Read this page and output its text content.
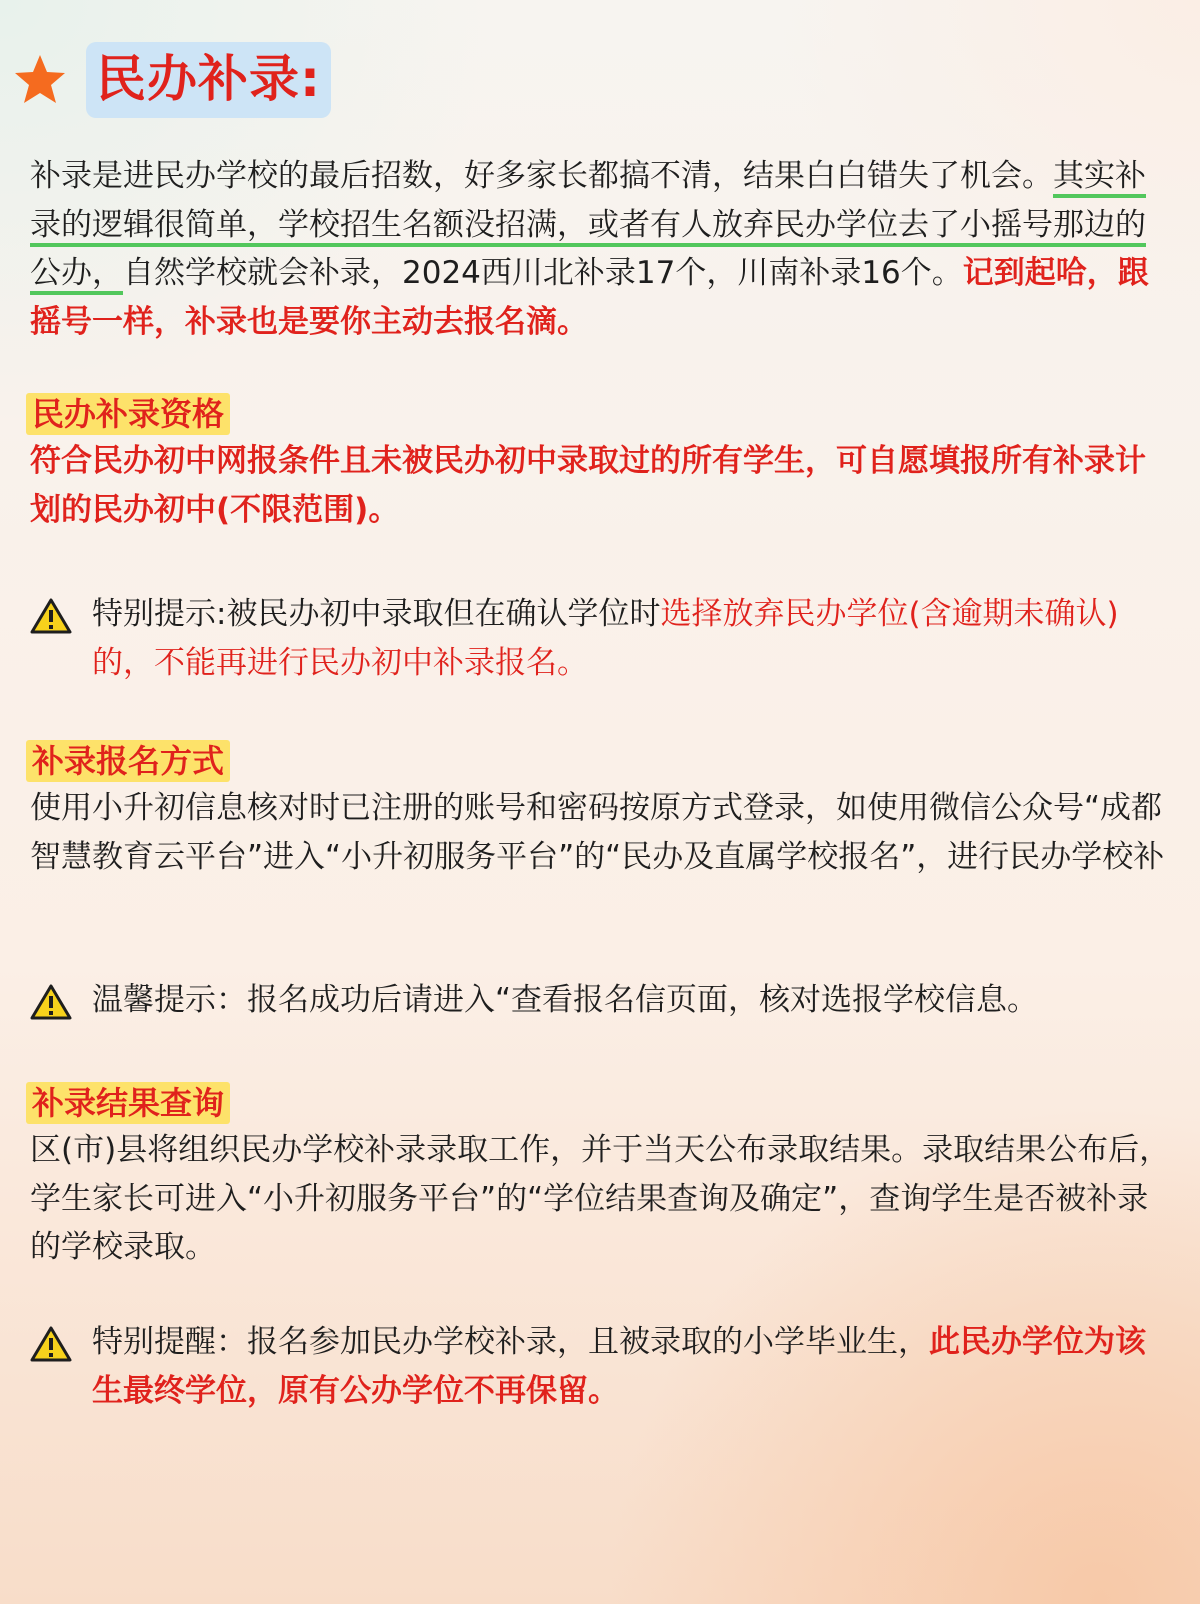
民办补录:

补录是进民办学校的最后招数，好多家长都搞不清，结果白白错失了机会。其实补录的逻辑很简单，学校招生名额没招满，或者有人放弃民办学位去了小摇号那边的公办，自然学校就会补录，2024西川北补录17个，川南补录16个。记到起哈，跟摇号一样，补录也是要你主动去报名滴。

民办补录资格

符合民办初中网报条件且未被民办初中录取过的所有学生，可自愿填报所有补录计划的民办初中(不限范围)。

特别提示:被民办初中录取但在确认学位时选择放弃民办学位(含逾期未确认)的，不能再进行民办初中补录报名。

补录报名方式

使用小升初信息核对时已注册的账号和密码按原方式登录，如使用微信公众号“成都智慧教育云平台”进入“小升初服务平台”的“民办及直属学校报名”，进行民办学校补

温馨提示：报名成功后请进入“查看报名信页面，核对选报学校信息。

补录结果查询

区(市)县将组织民办学校补录录取工作，并于当天公布录取结果。录取结果公布后，学生家长可进入“小升初服务平台”的“学位结果查询及确定”，查询学生是否被补录的学校录取。

特别提醒：报名参加民办学校补录，且被录取的小学毕业生，此民办学位为该生最终学位，原有公办学位不再保留。
